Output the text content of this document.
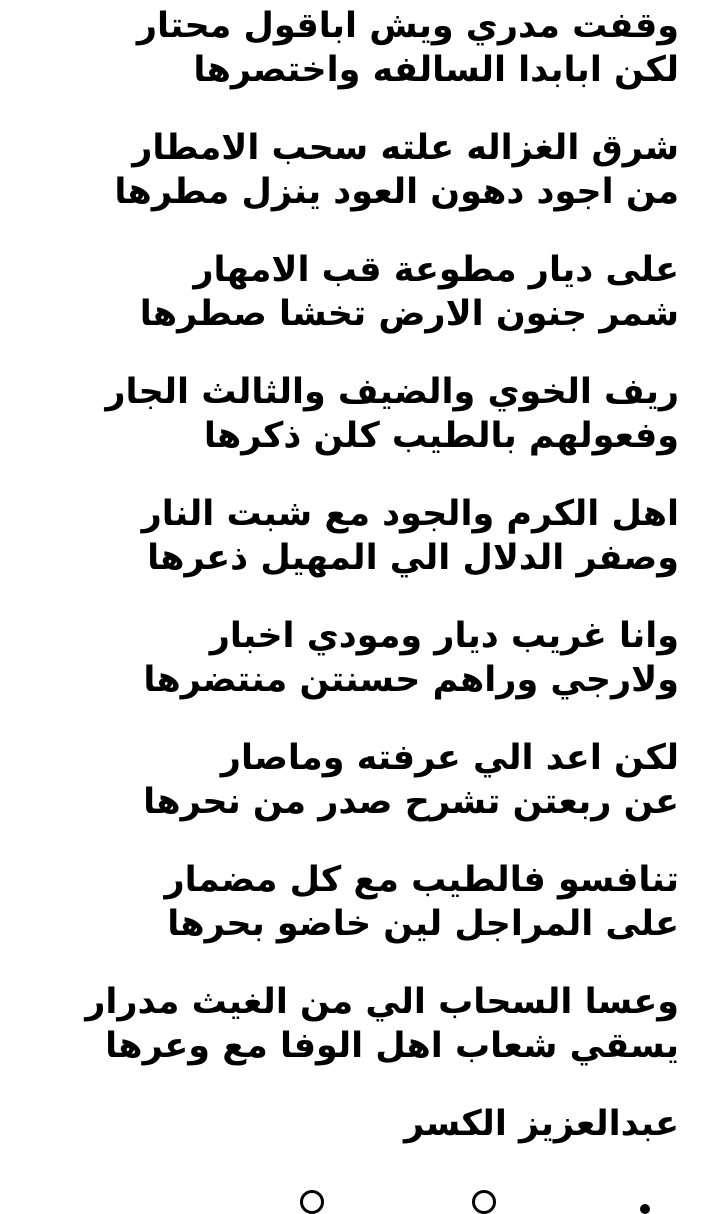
وقفت مدري ويش اباقول محتار
لكن ابابدا السالفه واختصرها
شرق الغزاله علته سحب الامطار
من اجود دهون العود ينزل مطرها
على ديار مطوعة قب الامهار
شمر جنون الارض تخشا صطرها
ريف الخوي والضيف والثالث الجار
وفعولهم بالطيب كلن ذكرها
اهل الكرم والجود مع شبت النار
وصفر الدلال الي المهيل ذعرها
وانا غريب ديار ومودي اخبار
ولارجي وراهم حسنتن منتضرها
لكن اعد الي عرفته وماصار
عن ربعتن تشرح صدر من نحرها
تنافسو فالطيب مع كل مضمار
على المراجل لين خاضو بحرها
وعسا السحاب الي من الغيث مدرار
يسقي شعاب اهل الوفا مع وعرها
عبدالعزيز الكسر
